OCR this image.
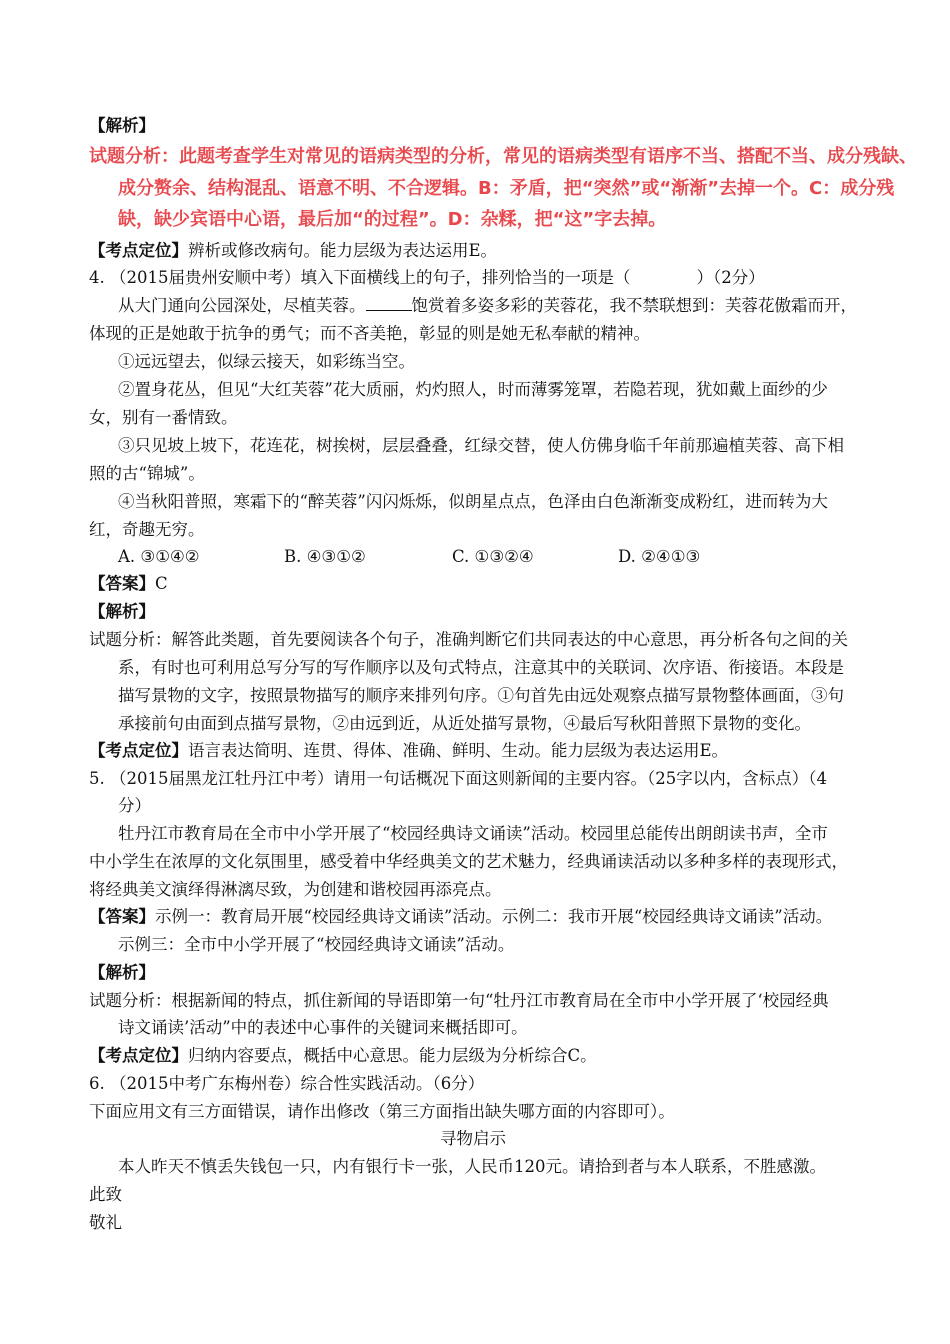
【解析】
试题分析：此题考查学生对常见的语病类型的分析，常见的语病类型有语序不当、搭配不当、成分残缺、
成分赘余、结构混乱、语意不明、不合逻辑。B：矛盾，把“突然”或“渐渐”去掉一个。C：成分残
缺，缺少宾语中心语，最后加“的过程”。D：杂糅，把“这”字去掉。
【考点定位】辨析或修改病句。能力层级为表达运用E。
4. （2015届贵州安顺中考）填入下面横线上的句子，排列恰当的一项是（　　　　）（2分）
从大门通向公园深处，尽植芙蓉。	饱赏着多姿多彩的芙蓉花，我不禁联想到：芙蓉花傲霜而开，
体现的正是她敢于抗争的勇气；而不吝美艳，彰显的则是她无私奉献的精神。
①远远望去，似绿云接天，如彩练当空。
②置身花丛，但见“大红芙蓉”花大质丽，灼灼照人，时而薄雾笼罩，若隐若现，犹如戴上面纱的少
女，别有一番情致。
③只见坡上坡下，花连花，树挨树，层层叠叠，红绿交替，使人仿佛身临千年前那遍植芙蓉、高下相
照的古“锦城”。
④当秋阳普照，寒霜下的“醉芙蓉”闪闪烁烁，似朗星点点，色泽由白色渐渐变成粉红，进而转为大
红，奇趣无穷。
A. ③①④②	B. ④③①②	C. ①③②④	D. ②④①③
【答案】C
【解析】
试题分析：解答此类题，首先要阅读各个句子，准确判断它们共同表达的中心意思，再分析各句之间的关
系，有时也可利用总写分写的写作顺序以及句式特点，注意其中的关联词、次序语、衔接语。本段是
描写景物的文字，按照景物描写的顺序来排列句序。①句首先由远处观察点描写景物整体画面，③句
承接前句由面到点描写景物，②由远到近，从近处描写景物，④最后写秋阳普照下景物的变化。
【考点定位】语言表达简明、连贯、得体、准确、鲜明、生动。能力层级为表达运用E。
5. （2015届黑龙江牡丹江中考）请用一句话概况下面这则新闻的主要内容。（25字以内，含标点）（4
分）
牡丹江市教育局在全市中小学开展了“校园经典诗文诵读”活动。校园里总能传出朗朗读书声，全市
中小学生在浓厚的文化氛围里，感受着中华经典美文的艺术魅力，经典诵读活动以多种多样的表现形式，
将经典美文演绎得淋漓尽致，为创建和谐校园再添亮点。
【答案】示例一：教育局开展“校园经典诗文诵读”活动。示例二：我市开展“校园经典诗文诵读”活动。
示例三：全市中小学开展了“校园经典诗文诵读”活动。
【解析】
试题分析：根据新闻的特点，抓住新闻的导语即第一句“牡丹江市教育局在全市中小学开展了‘校园经典
诗文诵读’活动”中的表述中心事件的关键词来概括即可。
【考点定位】归纳内容要点，概括中心意思。能力层级为分析综合C。
6. （2015中考广东梅州卷）综合性实践活动。（6分）
下面应用文有三方面错误，请作出修改（第三方面指出缺失哪方面的内容即可）。
寻物启示
本人昨天不慎丢失钱包一只，内有银行卡一张，人民币120元。请拾到者与本人联系，不胜感激。
此致
敬礼
